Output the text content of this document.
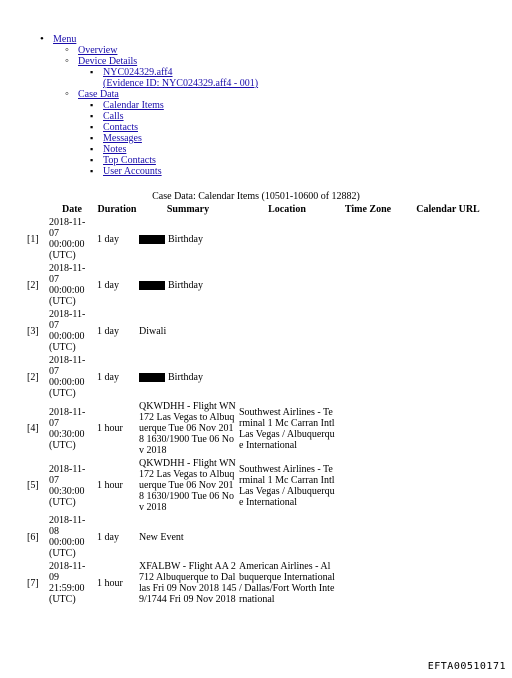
•
Menu
◦
Overview
◦
Device Details
▪
NYC024329.aff4
(Evidence ID: NYC024329.aff4 - 001)
◦
Case Data
▪
Calendar Items
▪
Calls
▪
Contacts
▪
Messages
▪
Notes
▪
Top Contacts
▪
User Accounts
Case Data: Calendar Items (10501-10600 of 12882)
	Date	Duration	Summary	Location	Time Zone	Calendar URL
[1]	2018-11-07 00:00:00 (UTC)	1 day	Birthday			
[2]	2018-11-07 00:00:00 (UTC)	1 day	Birthday			
[3]	2018-11-07 00:00:00 (UTC)	1 day	Diwali			
[2]	2018-11-07 00:00:00 (UTC)	1 day	Birthday			
[4]	2018-11-07 00:30:00 (UTC)	1 hour	QKWDHH - Flight WN 172 Las Vegas to Albuquerque Tue 06 Nov 2018 1630/1900 Tue 06 Nov 2018	Southwest Airlines - Terminal 1 Mc Carran Intl Las Vegas / Albuquerque International		
[5]	2018-11-07 00:30:00 (UTC)	1 hour	QKWDHH - Flight WN 172 Las Vegas to Albuquerque Tue 06 Nov 2018 1630/1900 Tue 06 Nov 2018	Southwest Airlines - Terminal 1 Mc Carran Intl Las Vegas / Albuquerque International		
[6]	2018-11-08 00:00:00 (UTC)	1 day	New Event			
[7]	2018-11-09 21:59:00 (UTC)	1 hour	XFALBW - Flight AA 2712 Albuquerque to Dallas Fri 09 Nov 2018 1459/1744 Fri 09 Nov 2018	American Airlines - Albuquerque International / Dallas/Fort Worth International		
EFTA00510171
